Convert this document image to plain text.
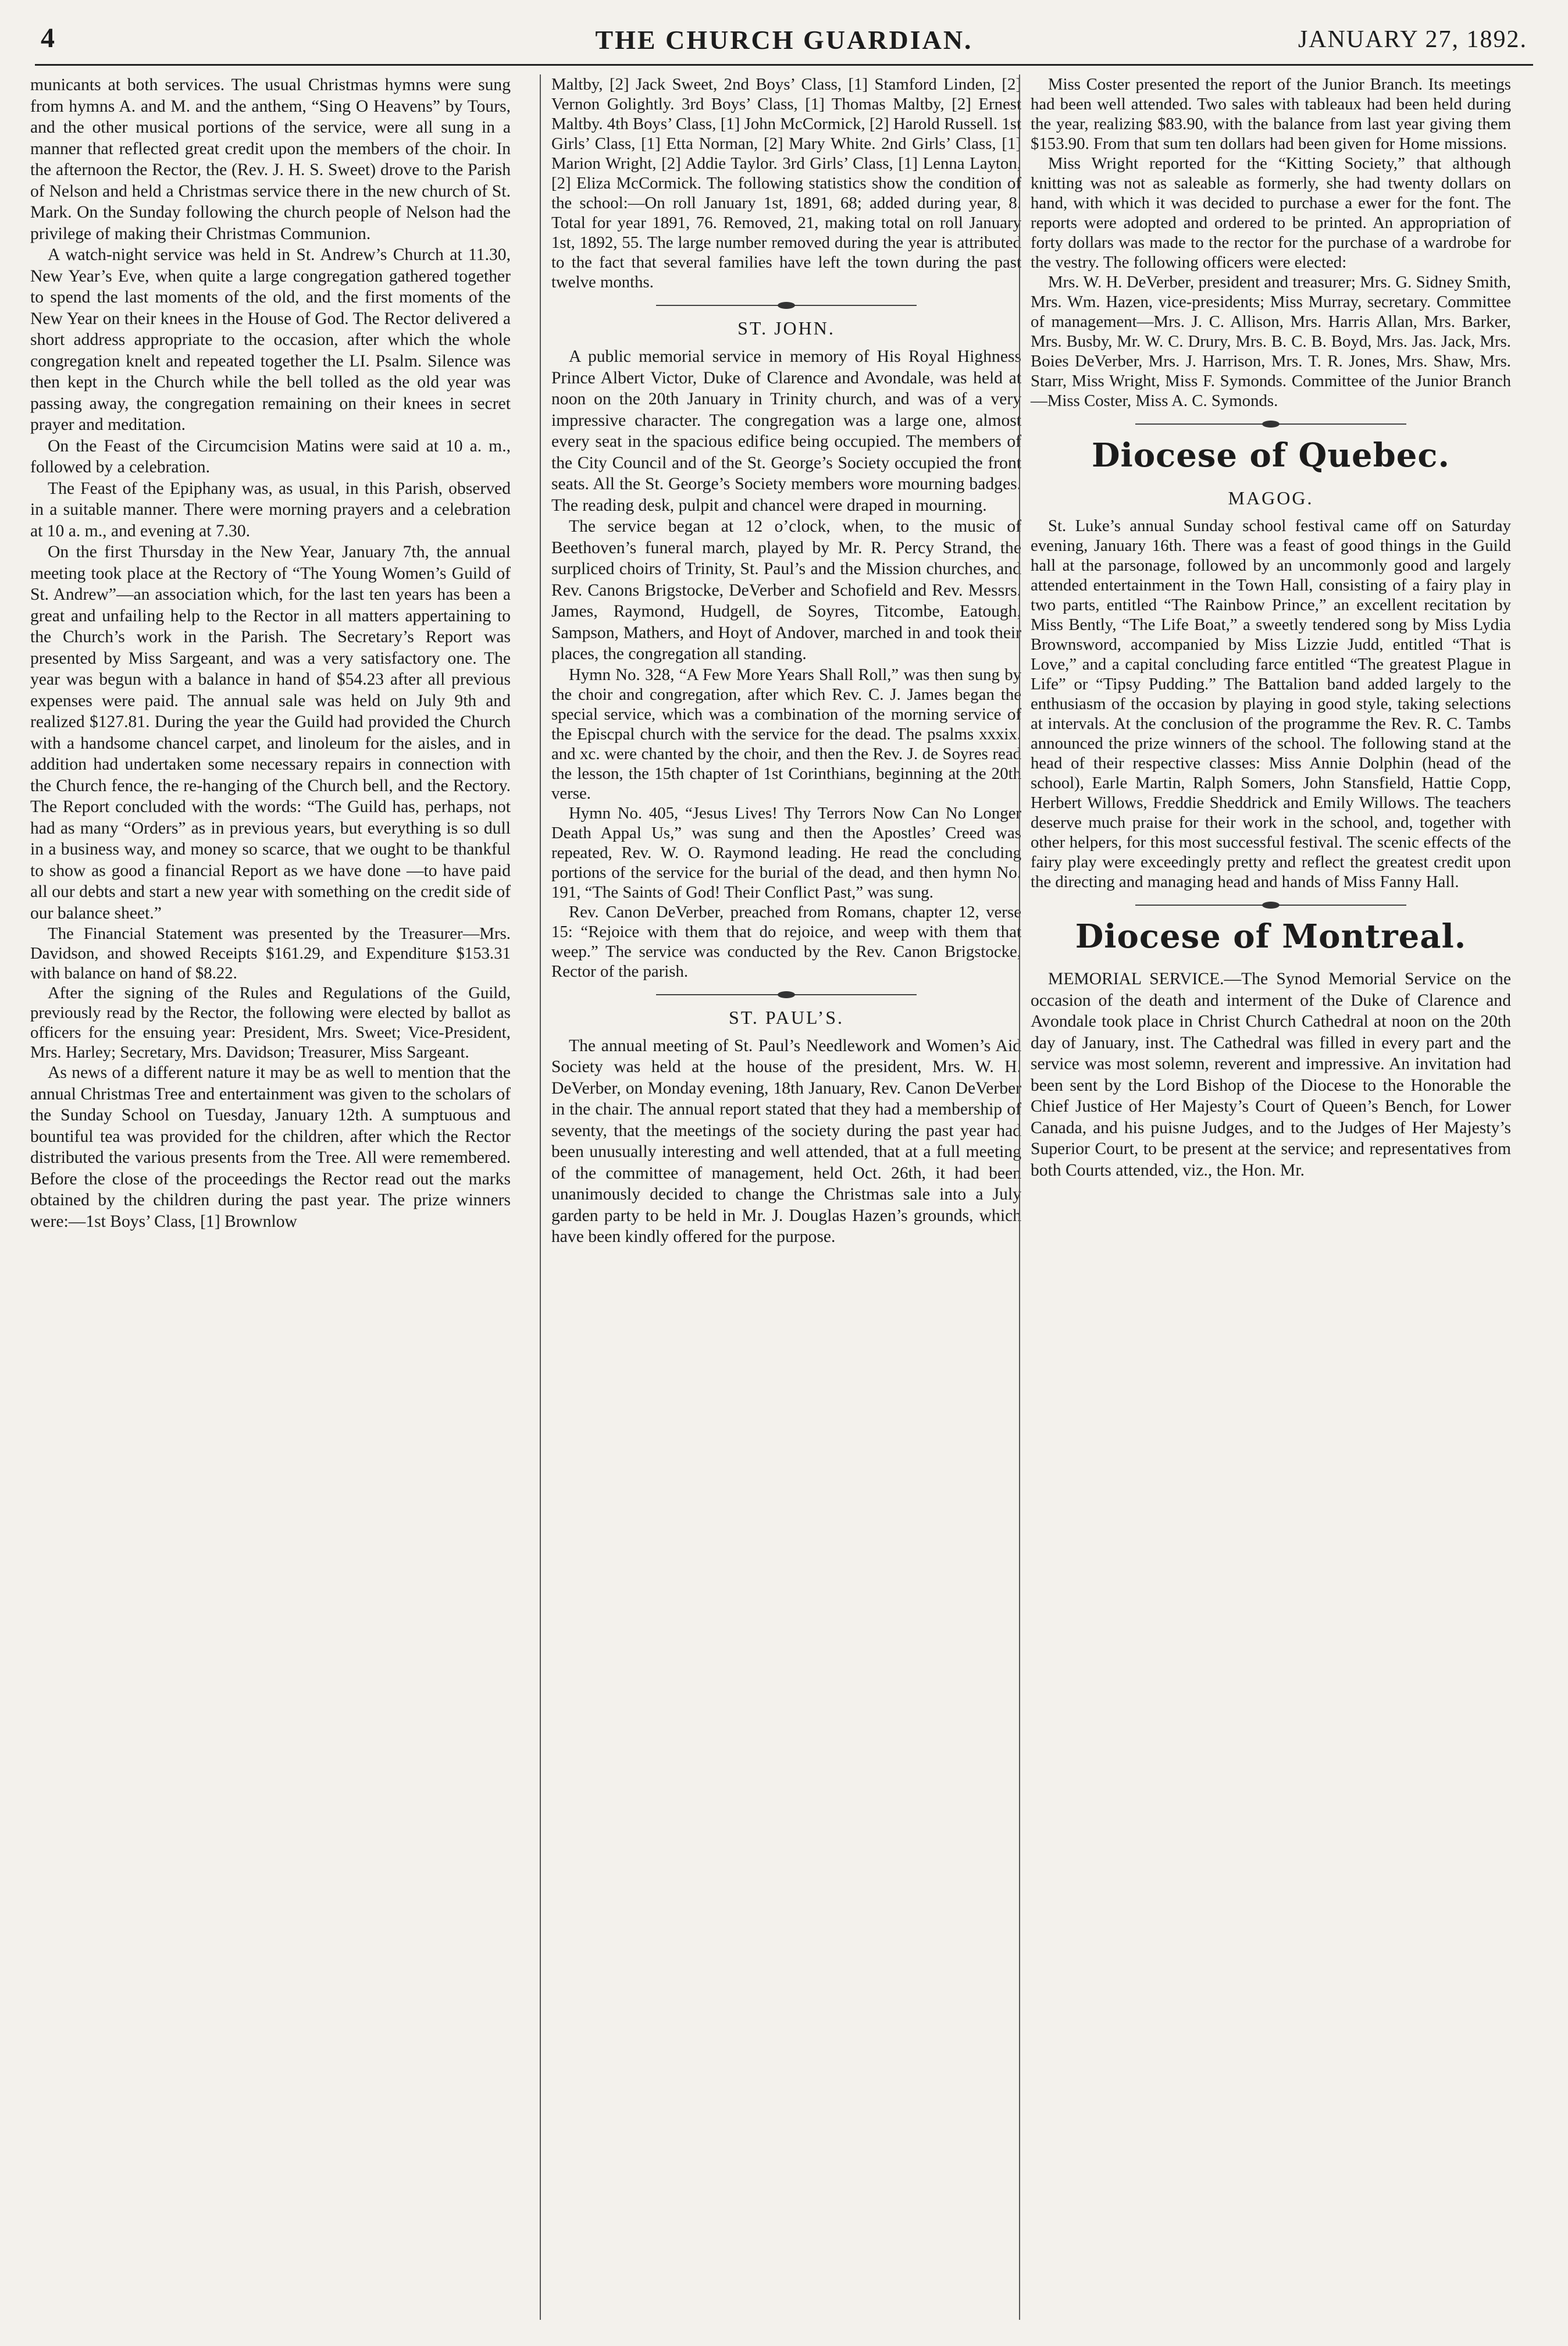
4	THE CHURCH GUARDIAN.	JANUARY 27, 1892.

municants at both services. The usual Christmas hymns were sung from hymns A. and M. and the anthem, “Sing O Heavens” by Tours, and the other musical portions of the service, were all sung in a manner that reflected great credit upon the members of the choir. In the afternoon the Rector, the (Rev. J. H. S. Sweet) drove to the Parish of Nelson and held a Christmas service there in the new church of St. Mark. On the Sunday following the church people of Nelson had the privilege of making their Christmas Communion.

A watch-night service was held in St. Andrew’s Church at 11.30, New Year’s Eve, when quite a large congregation gathered together to spend the last moments of the old, and the first moments of the New Year on their knees in the House of God. The Rector delivered a short address appropriate to the occasion, after which the whole congregation knelt and repeated together the LI. Psalm. Silence was then kept in the Church while the bell tolled as the old year was passing away, the congregation remaining on their knees in secret prayer and meditation.

On the Feast of the Circumcision Matins were said at 10 a. m., followed by a celebration.

The Feast of the Epiphany was, as usual, in this Parish, observed in a suitable manner. There were morning prayers and a celebration at 10 a. m., and evening at 7.30.

On the first Thursday in the New Year, January 7th, the annual meeting took place at the Rectory of “The Young Women’s Guild of St. Andrew”—an association which, for the last ten years has been a great and unfailing help to the Rector in all matters appertaining to the Church’s work in the Parish. The Secretary’s Report was presented by Miss Sargeant, and was a very satisfactory one. The year was begun with a balance in hand of $54.23 after all previous expenses were paid. The annual sale was held on July 9th and realized $127.81. During the year the Guild had provided the Church with a handsome chancel carpet, and linoleum for the aisles, and in addition had undertaken some necessary repairs in connection with the Church fence, the re-hanging of the Church bell, and the Rectory. The Report concluded with the words: “The Guild has, perhaps, not had as many “Orders” as in previous years, but everything is so dull in a business way, and money so scarce, that we ought to be thankful to show as good a financial Report as we have done —to have paid all our debts and start a new year with something on the credit side of our balance sheet.”

The Financial Statement was presented by the Treasurer—Mrs. Davidson, and showed Receipts $161.29, and Expenditure $153.31 with balance on hand of $8.22.

After the signing of the Rules and Regulations of the Guild, previously read by the Rector, the following were elected by ballot as officers for the ensuing year: President, Mrs. Sweet; Vice-President, Mrs. Harley; Secretary, Mrs. Davidson; Treasurer, Miss Sargeant.

As news of a different nature it may be as well to mention that the annual Christmas Tree and entertainment was given to the scholars of the Sunday School on Tuesday, January 12th. A sumptuous and bountiful tea was provided for the children, after which the Rector distributed the various presents from the Tree. All were remembered. Before the close of the proceedings the Rector read out the marks obtained by the children during the past year. The prize winners were:—1st Boys’ Class, [1] Brownlow

Maltby, [2] Jack Sweet, 2nd Boys’ Class, [1] Stamford Linden, [2] Vernon Golightly. 3rd Boys’ Class, [1] Thomas Maltby, [2] Ernest Maltby. 4th Boys’ Class, [1] John McCormick, [2] Harold Russell. 1st Girls’ Class, [1] Etta Norman, [2] Mary White. 2nd Girls’ Class, [1] Marion Wright, [2] Addie Taylor. 3rd Girls’ Class, [1] Lenna Layton, [2] Eliza McCormick. The following statistics show the condition of the school:—On roll January 1st, 1891, 68; added during year, 8. Total for year 1891, 76. Removed, 21, making total on roll January 1st, 1892, 55. The large number removed during the year is attributed to the fact that several families have left the town during the past twelve months.

ST. JOHN.

A public memorial service in memory of His Royal Highness Prince Albert Victor, Duke of Clarence and Avondale, was held at noon on the 20th January in Trinity church, and was of a very impressive character. The congregation was a large one, almost every seat in the spacious edifice being occupied. The members of the City Council and of the St. George’s Society occupied the front seats. All the St. George’s Society members wore mourning badges. The reading desk, pulpit and chancel were draped in mourning.

The service began at 12 o’clock, when, to the music of Beethoven’s funeral march, played by Mr. R. Percy Strand, the surpliced choirs of Trinity, St. Paul’s and the Mission churches, and Rev. Canons Brigstocke, DeVerber and Schofield and Rev. Messrs. James, Raymond, Hudgell, de Soyres, Titcombe, Eatough, Sampson, Mathers, and Hoyt of Andover, marched in and took their places, the congregation all standing.

Hymn No. 328, “A Few More Years Shall Roll,” was then sung by the choir and congregation, after which Rev. C. J. James began the special service, which was a combination of the morning service of the Episcpal church with the service for the dead. The psalms xxxix. and xc. were chanted by the choir, and then the Rev. J. de Soyres read the lesson, the 15th chapter of 1st Corinthians, beginning at the 20th verse.

Hymn No. 405, “Jesus Lives! Thy Terrors Now Can No Longer Death Appal Us,” was sung and then the Apostles’ Creed was repeated, Rev. W. O. Raymond leading. He read the concluding portions of the service for the burial of the dead, and then hymn No. 191, “The Saints of God! Their Conflict Past,” was sung.

Rev. Canon DeVerber, preached from Romans, chapter 12, verse 15: “Rejoice with them that do rejoice, and weep with them that weep.” The service was conducted by the Rev. Canon Brigstocke, Rector of the parish.

ST. PAUL’S.

The annual meeting of St. Paul’s Needlework and Women’s Aid Society was held at the house of the president, Mrs. W. H. DeVerber, on Monday evening, 18th January, Rev. Canon DeVerber in the chair. The annual report stated that they had a membership of seventy, that the meetings of the society during the past year had been unusually interesting and well attended, that at a full meeting of the committee of management, held Oct. 26th, it had been unanimously decided to change the Christmas sale into a July garden party to be held in Mr. J. Douglas Hazen’s grounds, which have been kindly offered for the purpose.

Miss Coster presented the report of the Junior Branch. Its meetings had been well attended. Two sales with tableaux had been held during the year, realizing $83.90, with the balance from last year giving them $153.90. From that sum ten dollars had been given for Home missions.

Miss Wright reported for the “Kitting Society,” that although knitting was not as saleable as formerly, she had twenty dollars on hand, with which it was decided to purchase a ewer for the font. The reports were adopted and ordered to be printed. An appropriation of forty dollars was made to the rector for the purchase of a wardrobe for the vestry. The following officers were elected:

Mrs. W. H. DeVerber, president and treasurer; Mrs. G. Sidney Smith, Mrs. Wm. Hazen, vice-presidents; Miss Murray, secretary. Committee of management—Mrs. J. C. Allison, Mrs. Harris Allan, Mrs. Barker, Mrs. Busby, Mr. W. C. Drury, Mrs. B. C. B. Boyd, Mrs. Jas. Jack, Mrs. Boies DeVerber, Mrs. J. Harrison, Mrs. T. R. Jones, Mrs. Shaw, Mrs. Starr, Miss Wright, Miss F. Symonds. Committee of the Junior Branch—Miss Coster, Miss A. C. Symonds.

Diocese of Quebec.
MAGOG.

St. Luke’s annual Sunday school festival came off on Saturday evening, January 16th. There was a feast of good things in the Guild hall at the parsonage, followed by an uncommonly good and largely attended entertainment in the Town Hall, consisting of a fairy play in two parts, entitled “The Rainbow Prince,” an excellent recitation by Miss Bently, “The Life Boat,” a sweetly tendered song by Miss Lydia Brownsword, accompanied by Miss Lizzie Judd, entitled “That is Love,” and a capital concluding farce entitled “The greatest Plague in Life” or “Tipsy Pudding.” The Battalion band added largely to the enthusiasm of the occasion by playing in good style, taking selections at intervals. At the conclusion of the programme the Rev. R. C. Tambs announced the prize winners of the school. The following stand at the head of their respective classes: Miss Annie Dolphin (head of the school), Earle Martin, Ralph Somers, John Stansfield, Hattie Copp, Herbert Willows, Freddie Sheddrick and Emily Willows. The teachers deserve much praise for their work in the school, and, together with other helpers, for this most successful festival. The scenic effects of the fairy play were exceedingly pretty and reflect the greatest credit upon the directing and managing head and hands of Miss Fanny Hall.

Diocese of Montreal.

MEMORIAL SERVICE.—The Synod Memorial Service on the occasion of the death and interment of the Duke of Clarence and Avondale took place in Christ Church Cathedral at noon on the 20th day of January, inst. The Cathedral was filled in every part and the service was most solemn, reverent and impressive. An invitation had been sent by the Lord Bishop of the Diocese to the Honorable the Chief Justice of Her Majesty’s Court of Queen’s Bench, for Lower Canada, and his puisne Judges, and to the Judges of Her Majesty’s Superior Court, to be present at the service; and representatives from both Courts attended, viz., the Hon. Mr.
